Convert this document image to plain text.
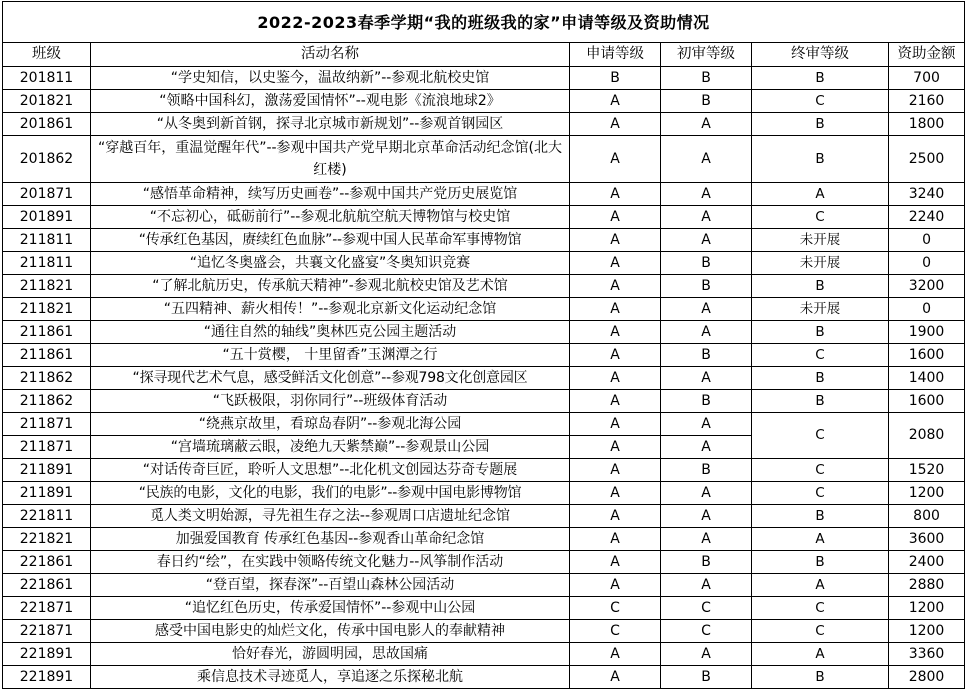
2022-2023春季学期“我的班级我的家”申请等级及资助情况					
班级	活动名称	申请等级	初审等级	终审等级	资助金额
201811	“学史知信，以史鉴今，温故纳新”--参观北航校史馆	B	B	B	700
201821	“领略中国科幻，激荡爱国情怀”--观电影《流浪地球2》	A	B	C	2160
201861	“从冬奥到新首钢，探寻北京城市新规划”--参观首钢园区	A	A	B	1800
201862	“穿越百年，重温觉醒年代”--参观中国共产党早期北京革命活动纪念馆(北大红楼)	A	A	B	2500
201871	“感悟革命精神，续写历史画卷”--参观中国共产党历史展览馆	A	A	A	3240
201891	“不忘初心，砥砺前行”--参观北航航空航天博物馆与校史馆	A	A	C	2240
211811	“传承红色基因，赓续红色血脉”--参观中国人民革命军事博物馆	A	A	未开展	0
211811	“追忆冬奥盛会，共襄文化盛宴”冬奥知识竞赛	A	B	未开展	0
211821	“了解北航历史，传承航天精神”-参观北航校史馆及艺术馆	A	B	B	3200
211821	“五四精神、薪火相传！”--参观北京新文化运动纪念馆	A	A	未开展	0
211861	“通往自然的轴线”奥林匹克公园主题活动	A	A	B	1900
211861	“五十赏樱， 十里留香”玉渊潭之行	A	B	C	1600
211862	“探寻现代艺术气息，感受鲜活文化创意”--参观798文化创意园区	A	A	B	1400
211862	“飞跃极限，羽你同行”--班级体育活动	A	B	B	1600
211871	“绕燕京故里，看琼岛春阴”--参观北海公园	A	A	C	2080
211871	“宫墙琉璃蔽云眼，凌绝九天紫禁巅”--参观景山公园	A	A		
211891	“对话传奇巨匠，聆听人文思想”--北化机文创园达芬奇专题展	A	B	C	1520
211891	“民族的电影，文化的电影，我们的电影”--参观中国电影博物馆	A	A	C	1200
221811	觅人类文明始源，寻先祖生存之法--参观周口店遗址纪念馆	A	A	B	800
221821	加强爱国教育 传承红色基因--参观香山革命纪念馆	A	A	A	3600
221861	春日约“绘”，在实践中领略传统文化魅力--风筝制作活动	A	B	B	2400
221861	“登百望，探春深”--百望山森林公园活动	A	A	A	2880
221871	“追忆红色历史，传承爱国情怀”--参观中山公园	C	C	C	1200
221871	感受中国电影史的灿烂文化，传承中国电影人的奉献精神	C	C	C	1200
221891	恰好春光，游圆明园，思故国痛	A	A	A	3360
221891	乘信息技术寻迹觅人，享追逐之乐探秘北航	A	B	B	2800
